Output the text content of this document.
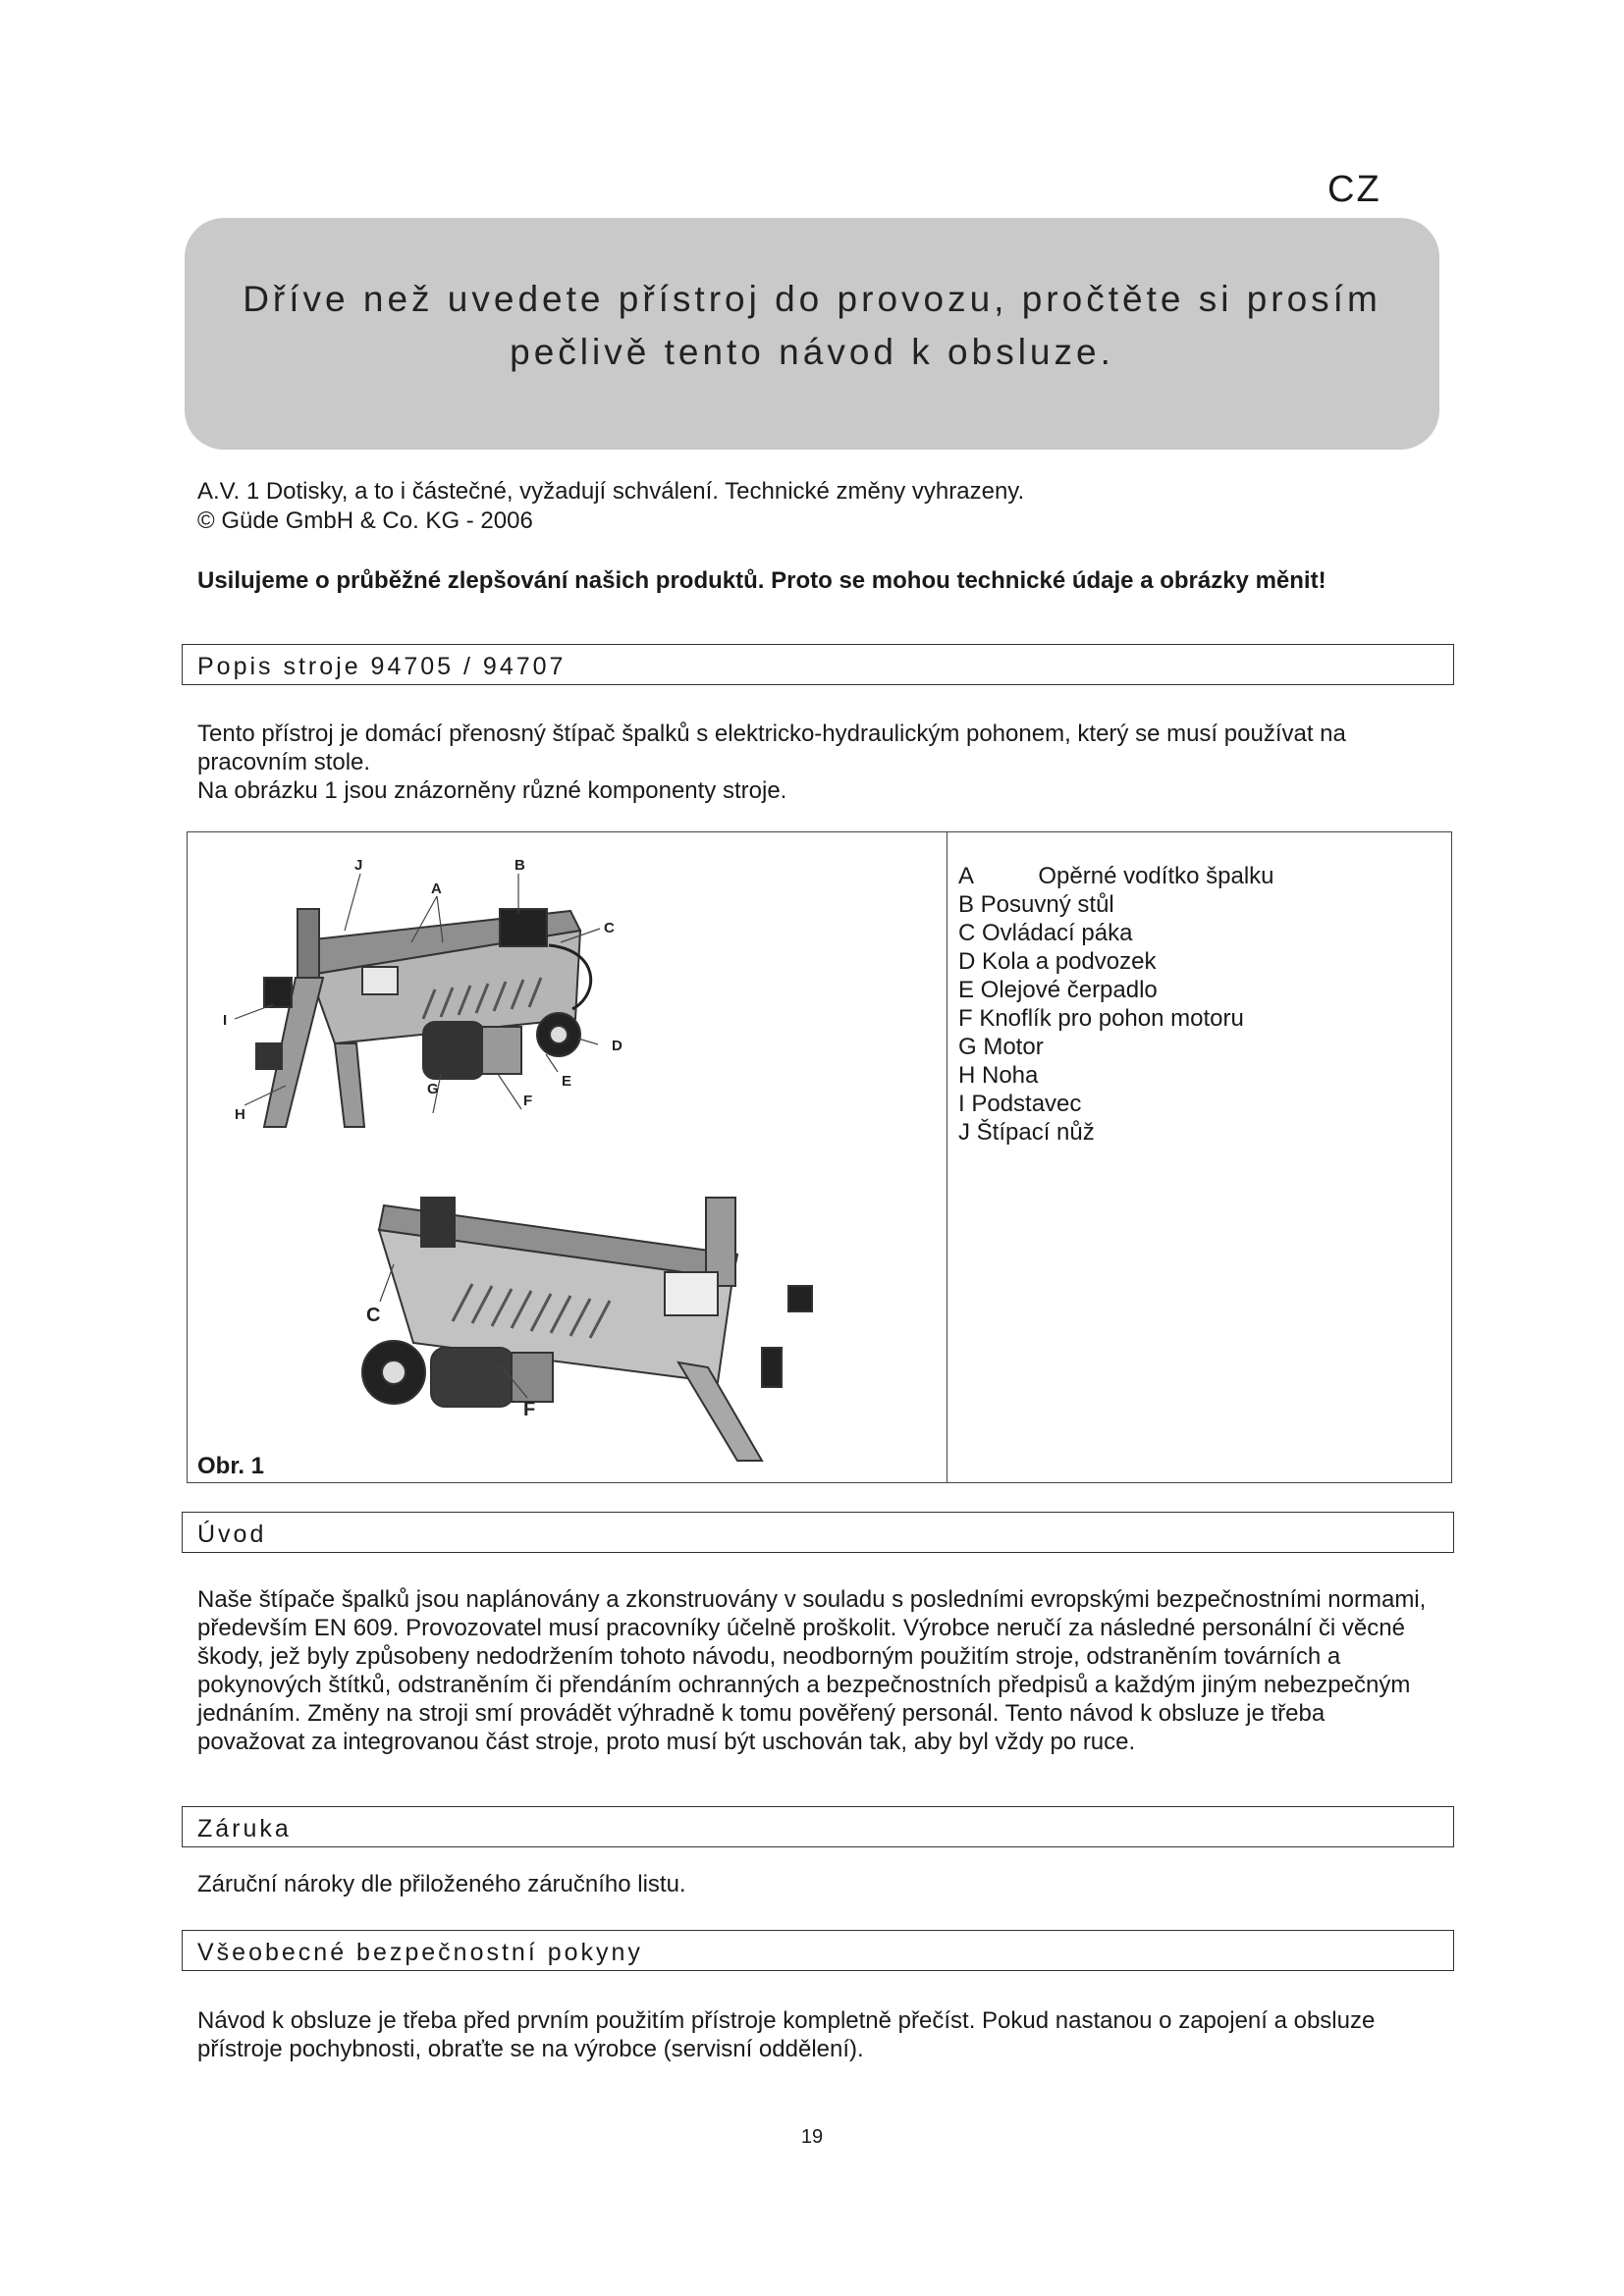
CZ
Dříve než uvedete přístroj do provozu, pročtěte si prosím
pečlivě tento návod k obsluze.
A.V. 1 Dotisky, a to i částečné, vyžadují schválení. Technické změny vyhrazeny.
© Güde GmbH & Co. KG - 2006
Usilujeme o průběžné zlepšování našich produktů. Proto se mohou technické údaje a obrázky měnit!
Popis stroje 94705 / 94707
Tento přístroj je domácí přenosný štípač špalků s elektricko-hydraulickým pohonem, který se musí používat na pracovním stole.
Na obrázku 1 jsou znázorněny různé komponenty stroje.
J	B
A
C
I
D
E
G
F
H
C
F
Obr. 1
A          Opěrné vodítko špalku
B Posuvný stůl
C Ovládací páka
D Kola a podvozek
E Olejové čerpadlo
F Knoflík pro pohon motoru
G Motor
H Noha
I Podstavec
J Štípací nůž
Úvod
Naše štípače špalků jsou naplánovány a zkonstruovány v souladu s posledními evropskými bezpečnostními normami, především EN 609. Provozovatel musí pracovníky účelně proškolit. Výrobce neručí za následné personální či věcné škody, jež byly způsobeny nedodržením tohoto návodu, neodborným použitím stroje, odstraněním továrních a pokynových štítků, odstraněním či přendáním ochranných a bezpečnostních předpisů a každým jiným nebezpečným jednáním. Změny na stroji smí provádět výhradně k tomu pověřený personál. Tento návod k obsluze je třeba považovat za integrovanou část stroje, proto musí být uschován tak, aby byl vždy po ruce.
Záruka
Záruční nároky dle přiloženého záručního listu.
Všeobecné bezpečnostní pokyny
Návod k obsluze je třeba před prvním použitím přístroje kompletně přečíst. Pokud nastanou o zapojení a obsluze přístroje pochybnosti, obraťte se na výrobce (servisní oddělení).
19
